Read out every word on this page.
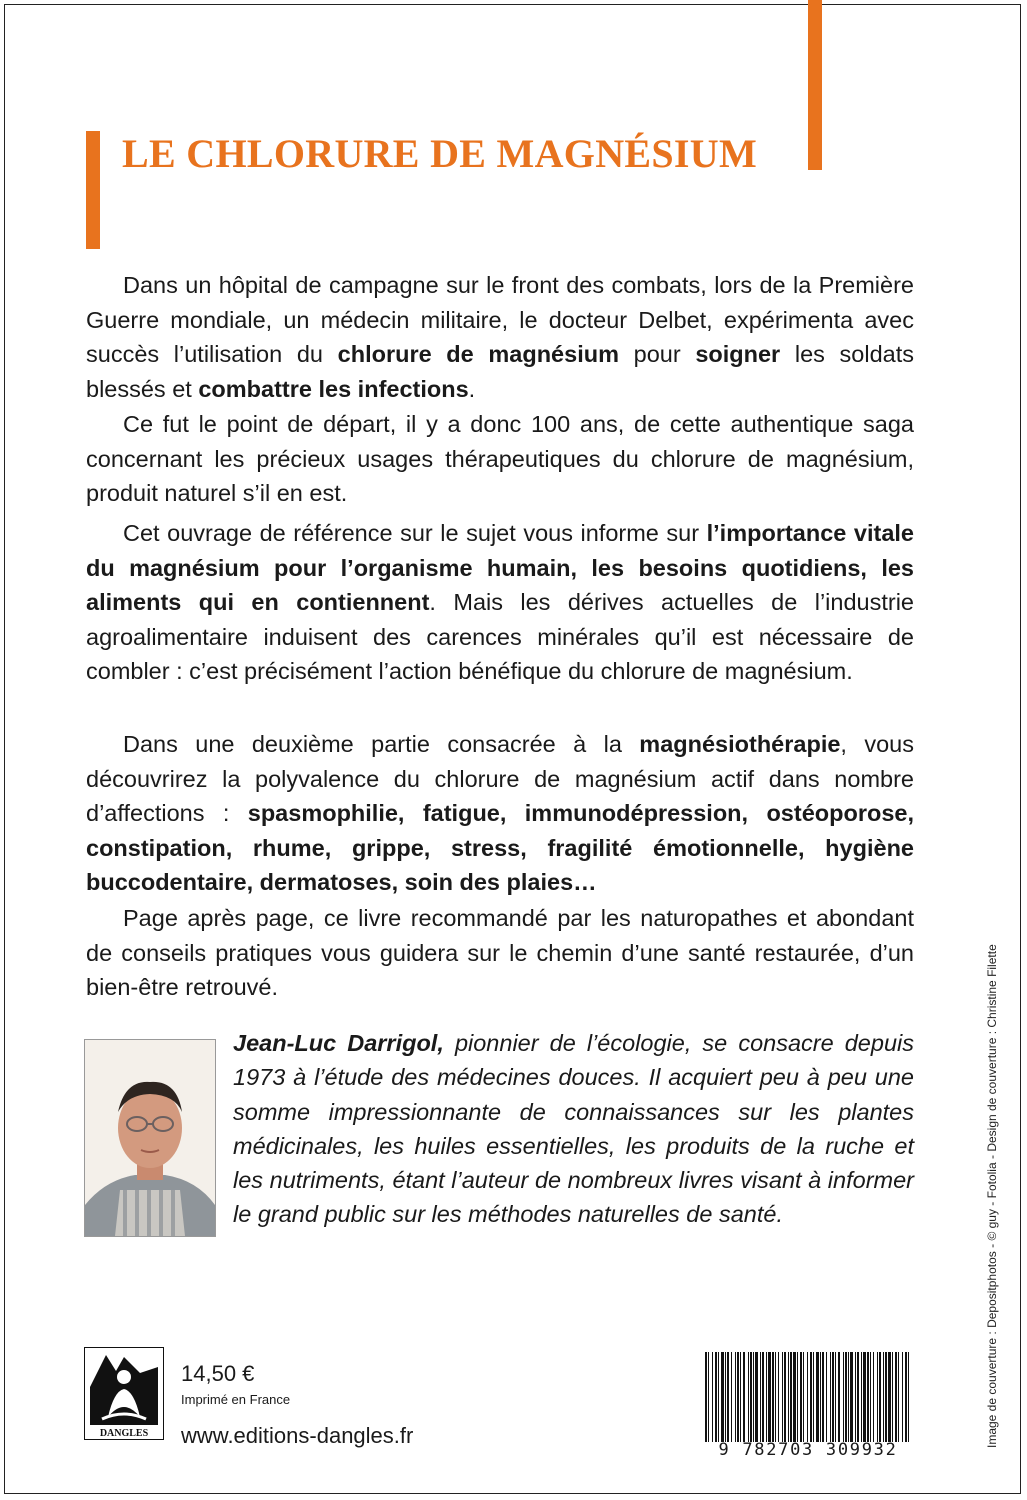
LE CHLORURE DE MAGNÉSIUM

Dans un hôpital de campagne sur le front des combats, lors de la Première Guerre mondiale, un médecin militaire, le docteur Delbet, expérimenta avec succès l’utilisation du chlorure de magnésium pour soigner les soldats blessés et combattre les infections.

Ce fut le point de départ, il y a donc 100 ans, de cette authentique saga concernant les précieux usages thérapeutiques du chlorure de magnésium, produit naturel s’il en est.

Cet ouvrage de référence sur le sujet vous informe sur l’importance vitale du magnésium pour l’organisme humain, les besoins quotidiens, les aliments qui en contiennent. Mais les dérives actuelles de l’industrie agroalimentaire induisent des carences minérales qu’il est nécessaire de combler : c’est précisément l’action bénéfique du chlorure de magnésium.

Dans une deuxième partie consacrée à la magnésiothérapie, vous découvrirez la polyvalence du chlorure de magnésium actif dans nombre d’affections : spasmophilie, fatigue, immunodépression, ostéoporose, constipation, rhume, grippe, stress, fragilité émotionnelle, hygiène buccodentaire, dermatoses, soin des plaies…

Page après page, ce livre recommandé par les naturopathes et abondant de conseils pratiques vous guidera sur le chemin d’une santé restaurée, d’un bien-être retrouvé.

Jean-Luc Darrigol, pionnier de l’écologie, se consacre depuis 1973 à l’étude des médecines douces. Il acquiert peu à peu une somme impressionnante de connaissances sur les plantes médicinales, les huiles essentielles, les produits de la ruche et les nutriments, étant l’auteur de nombreux livres visant à informer le grand public sur les méthodes naturelles de santé.	Image de couverture : Depositphotos - © guy - Fotolia - Design de couverture : Christine Filette
DANGLES

14,50 €

Imprimé en France

www.editions-dangles.fr

9 782703 309932
